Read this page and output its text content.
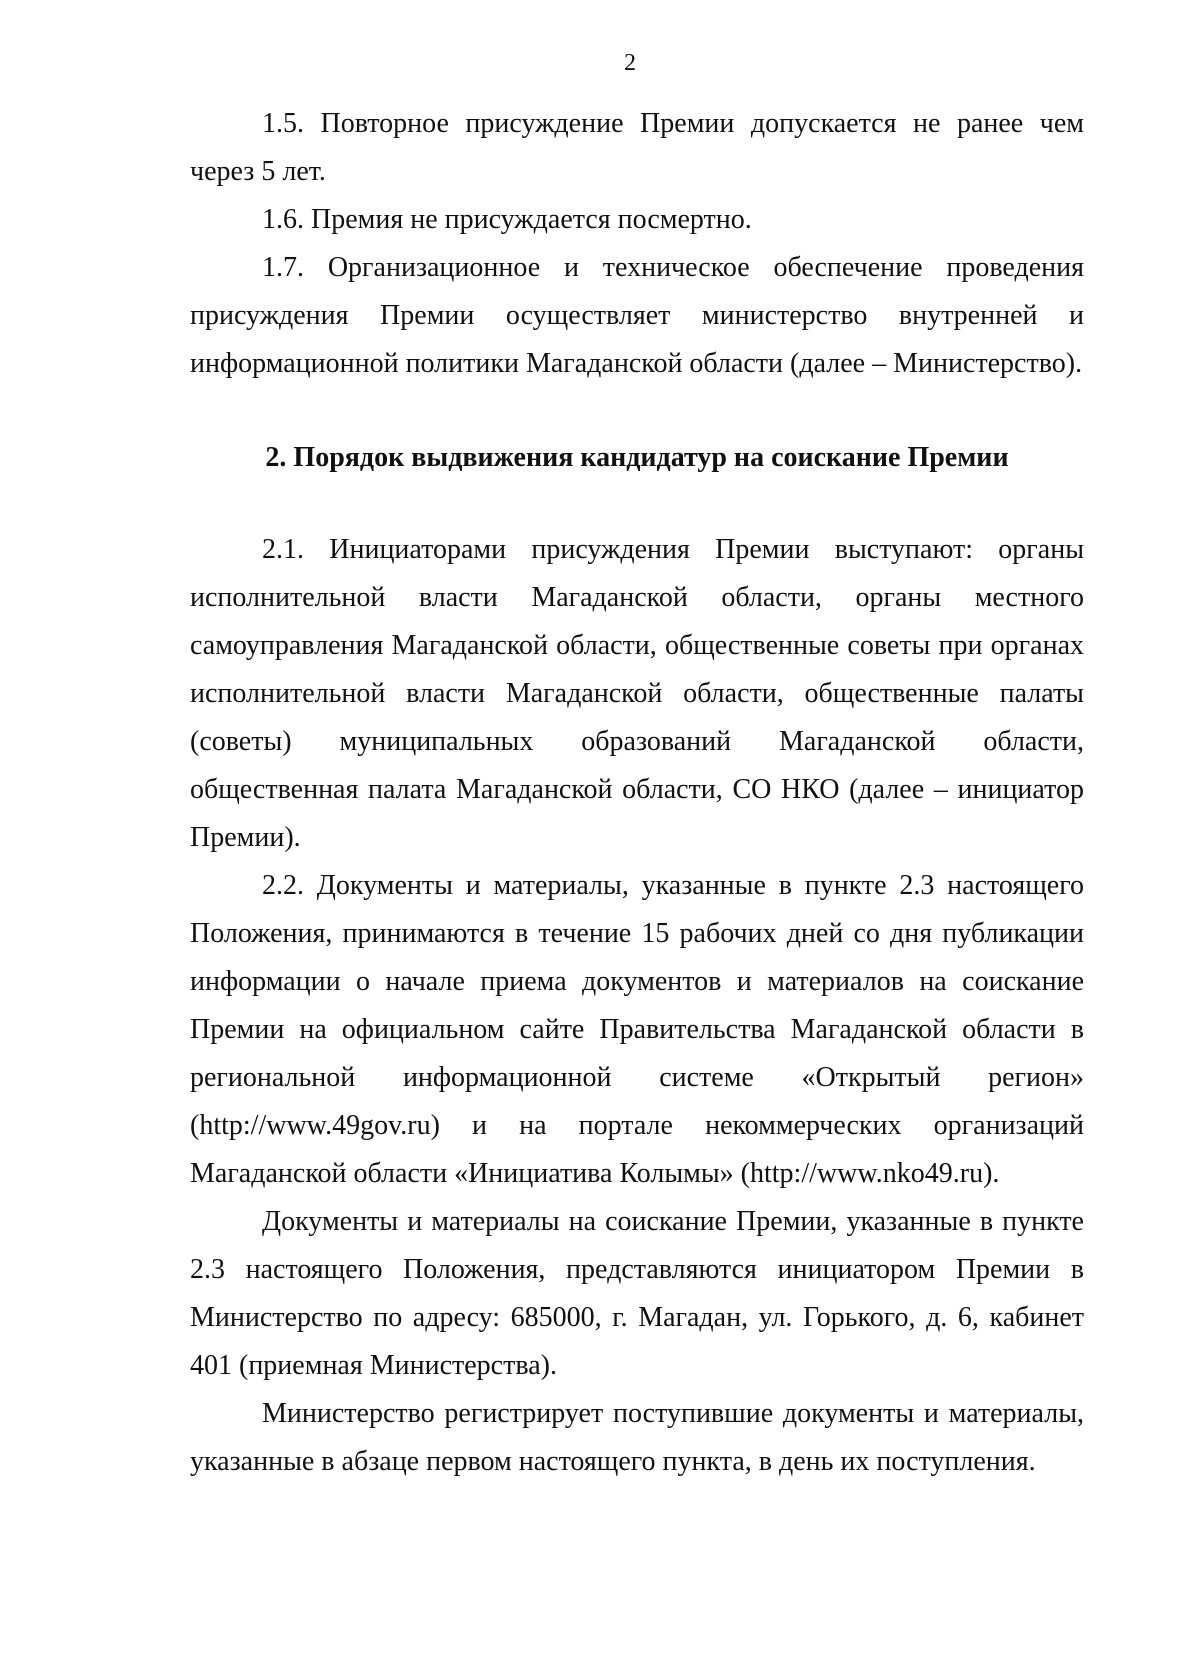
2

1.5. Повторное присуждение Премии допускается не ранее чем через 5 лет.

1.6. Премия не присуждается посмертно.

1.7. Организационное и техническое обеспечение проведения присуждения Премии осуществляет министерство внутренней и информационной политики Магаданской области (далее – Министерство).

2. Порядок выдвижения кандидатур на соискание Премии

2.1. Инициаторами присуждения Премии выступают: органы исполнительной власти Магаданской области, органы местного самоуправления Магаданской области, общественные советы при органах исполнительной власти Магаданской области, общественные палаты (советы) муниципальных образований Магаданской области, общественная палата Магаданской области, СО НКО (далее – инициатор Премии).

2.2. Документы и материалы, указанные в пункте 2.3 настоящего Положения, принимаются в течение 15 рабочих дней со дня публикации информации о начале приема документов и материалов на соискание Премии на официальном сайте Правительства Магаданской области в региональной информационной системе «Открытый регион» (http://www.49gov.ru) и на портале некоммерческих организаций Магаданской области «Инициатива Колымы» (http://www.nko49.ru).

Документы и материалы на соискание Премии, указанные в пункте 2.3 настоящего Положения, представляются инициатором Премии в Министерство по адресу: 685000, г. Магадан, ул. Горького, д. 6, кабинет 401 (приемная Министерства).

Министерство регистрирует поступившие документы и материалы, указанные в абзаце первом настоящего пункта, в день их поступления.
